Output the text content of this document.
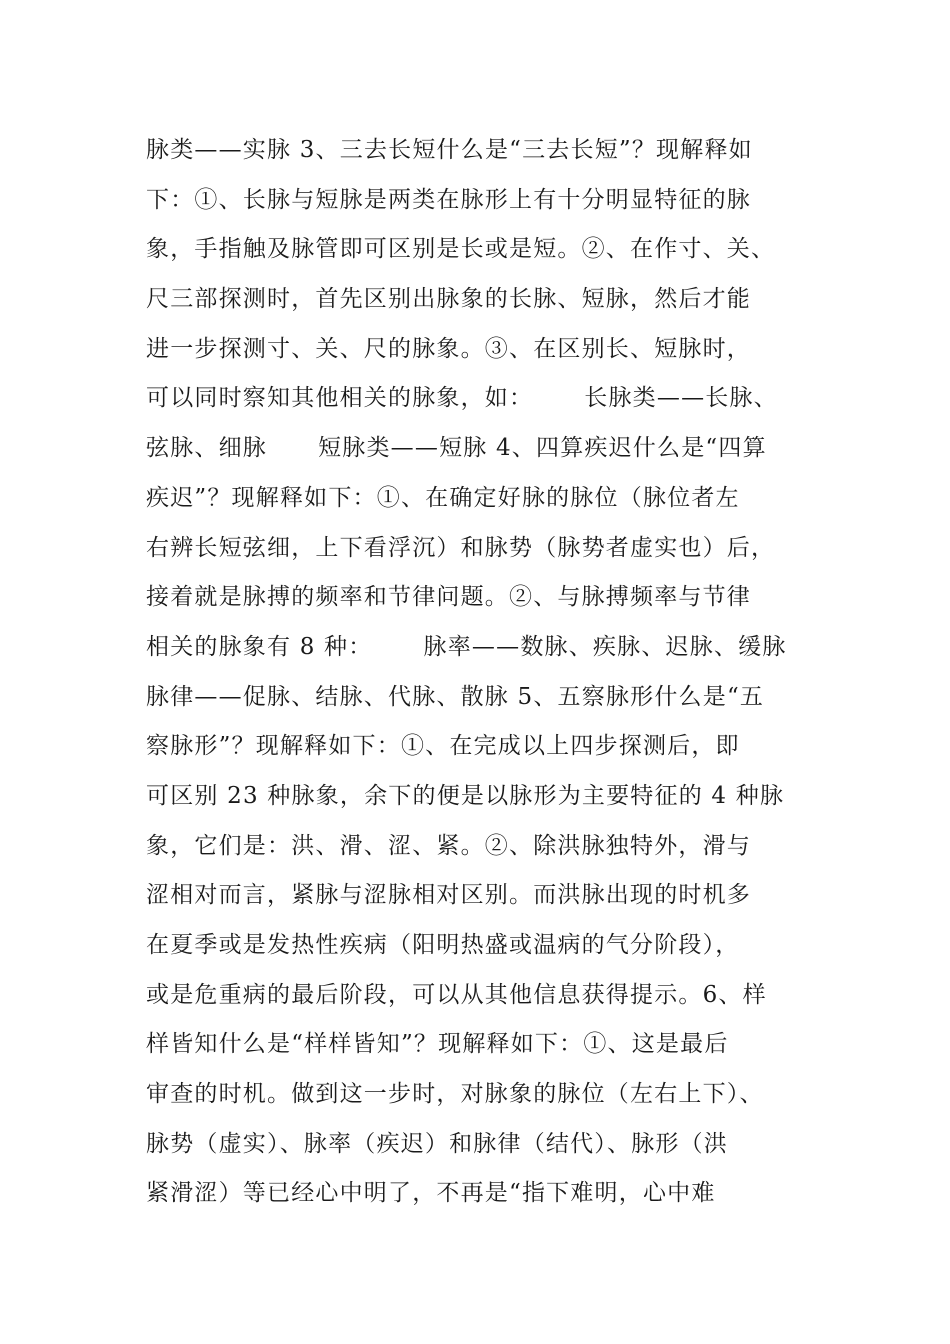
脉类——实脉 3、三去长短什么是“三去长短”？现解释如
下：①、长脉与短脉是两类在脉形上有十分明显特征的脉
象，手指触及脉管即可区别是长或是短。②、在作寸、关、
尺三部探测时，首先区别出脉象的长脉、短脉，然后才能
进一步探测寸、关、尺的脉象。③、在区别长、短脉时，
可以同时察知其他相关的脉象，如：      长脉类——长脉、
弦脉、细脉      短脉类——短脉 4、四算疾迟什么是“四算
疾迟”？现解释如下：①、在确定好脉的脉位（脉位者左
右辨长短弦细，上下看浮沉）和脉势（脉势者虚实也）后，
接着就是脉搏的频率和节律问题。②、与脉搏频率与节律
相关的脉象有 8 种：      脉率——数脉、疾脉、迟脉、缓脉
脉律——促脉、结脉、代脉、散脉 5、五察脉形什么是“五
察脉形”？现解释如下：①、在完成以上四步探测后，即
可区别 23 种脉象，余下的便是以脉形为主要特征的 4 种脉
象，它们是：洪、滑、涩、紧。②、除洪脉独特外，滑与
涩相对而言，紧脉与涩脉相对区别。而洪脉出现的时机多
在夏季或是发热性疾病（阳明热盛或温病的气分阶段），
或是危重病的最后阶段，可以从其他信息获得提示。6、样
样皆知什么是“样样皆知”？现解释如下：①、这是最后
审查的时机。做到这一步时，对脉象的脉位（左右上下）、
脉势（虚实）、脉率（疾迟）和脉律（结代）、脉形（洪
紧滑涩）等已经心中明了，不再是“指下难明，心中难
